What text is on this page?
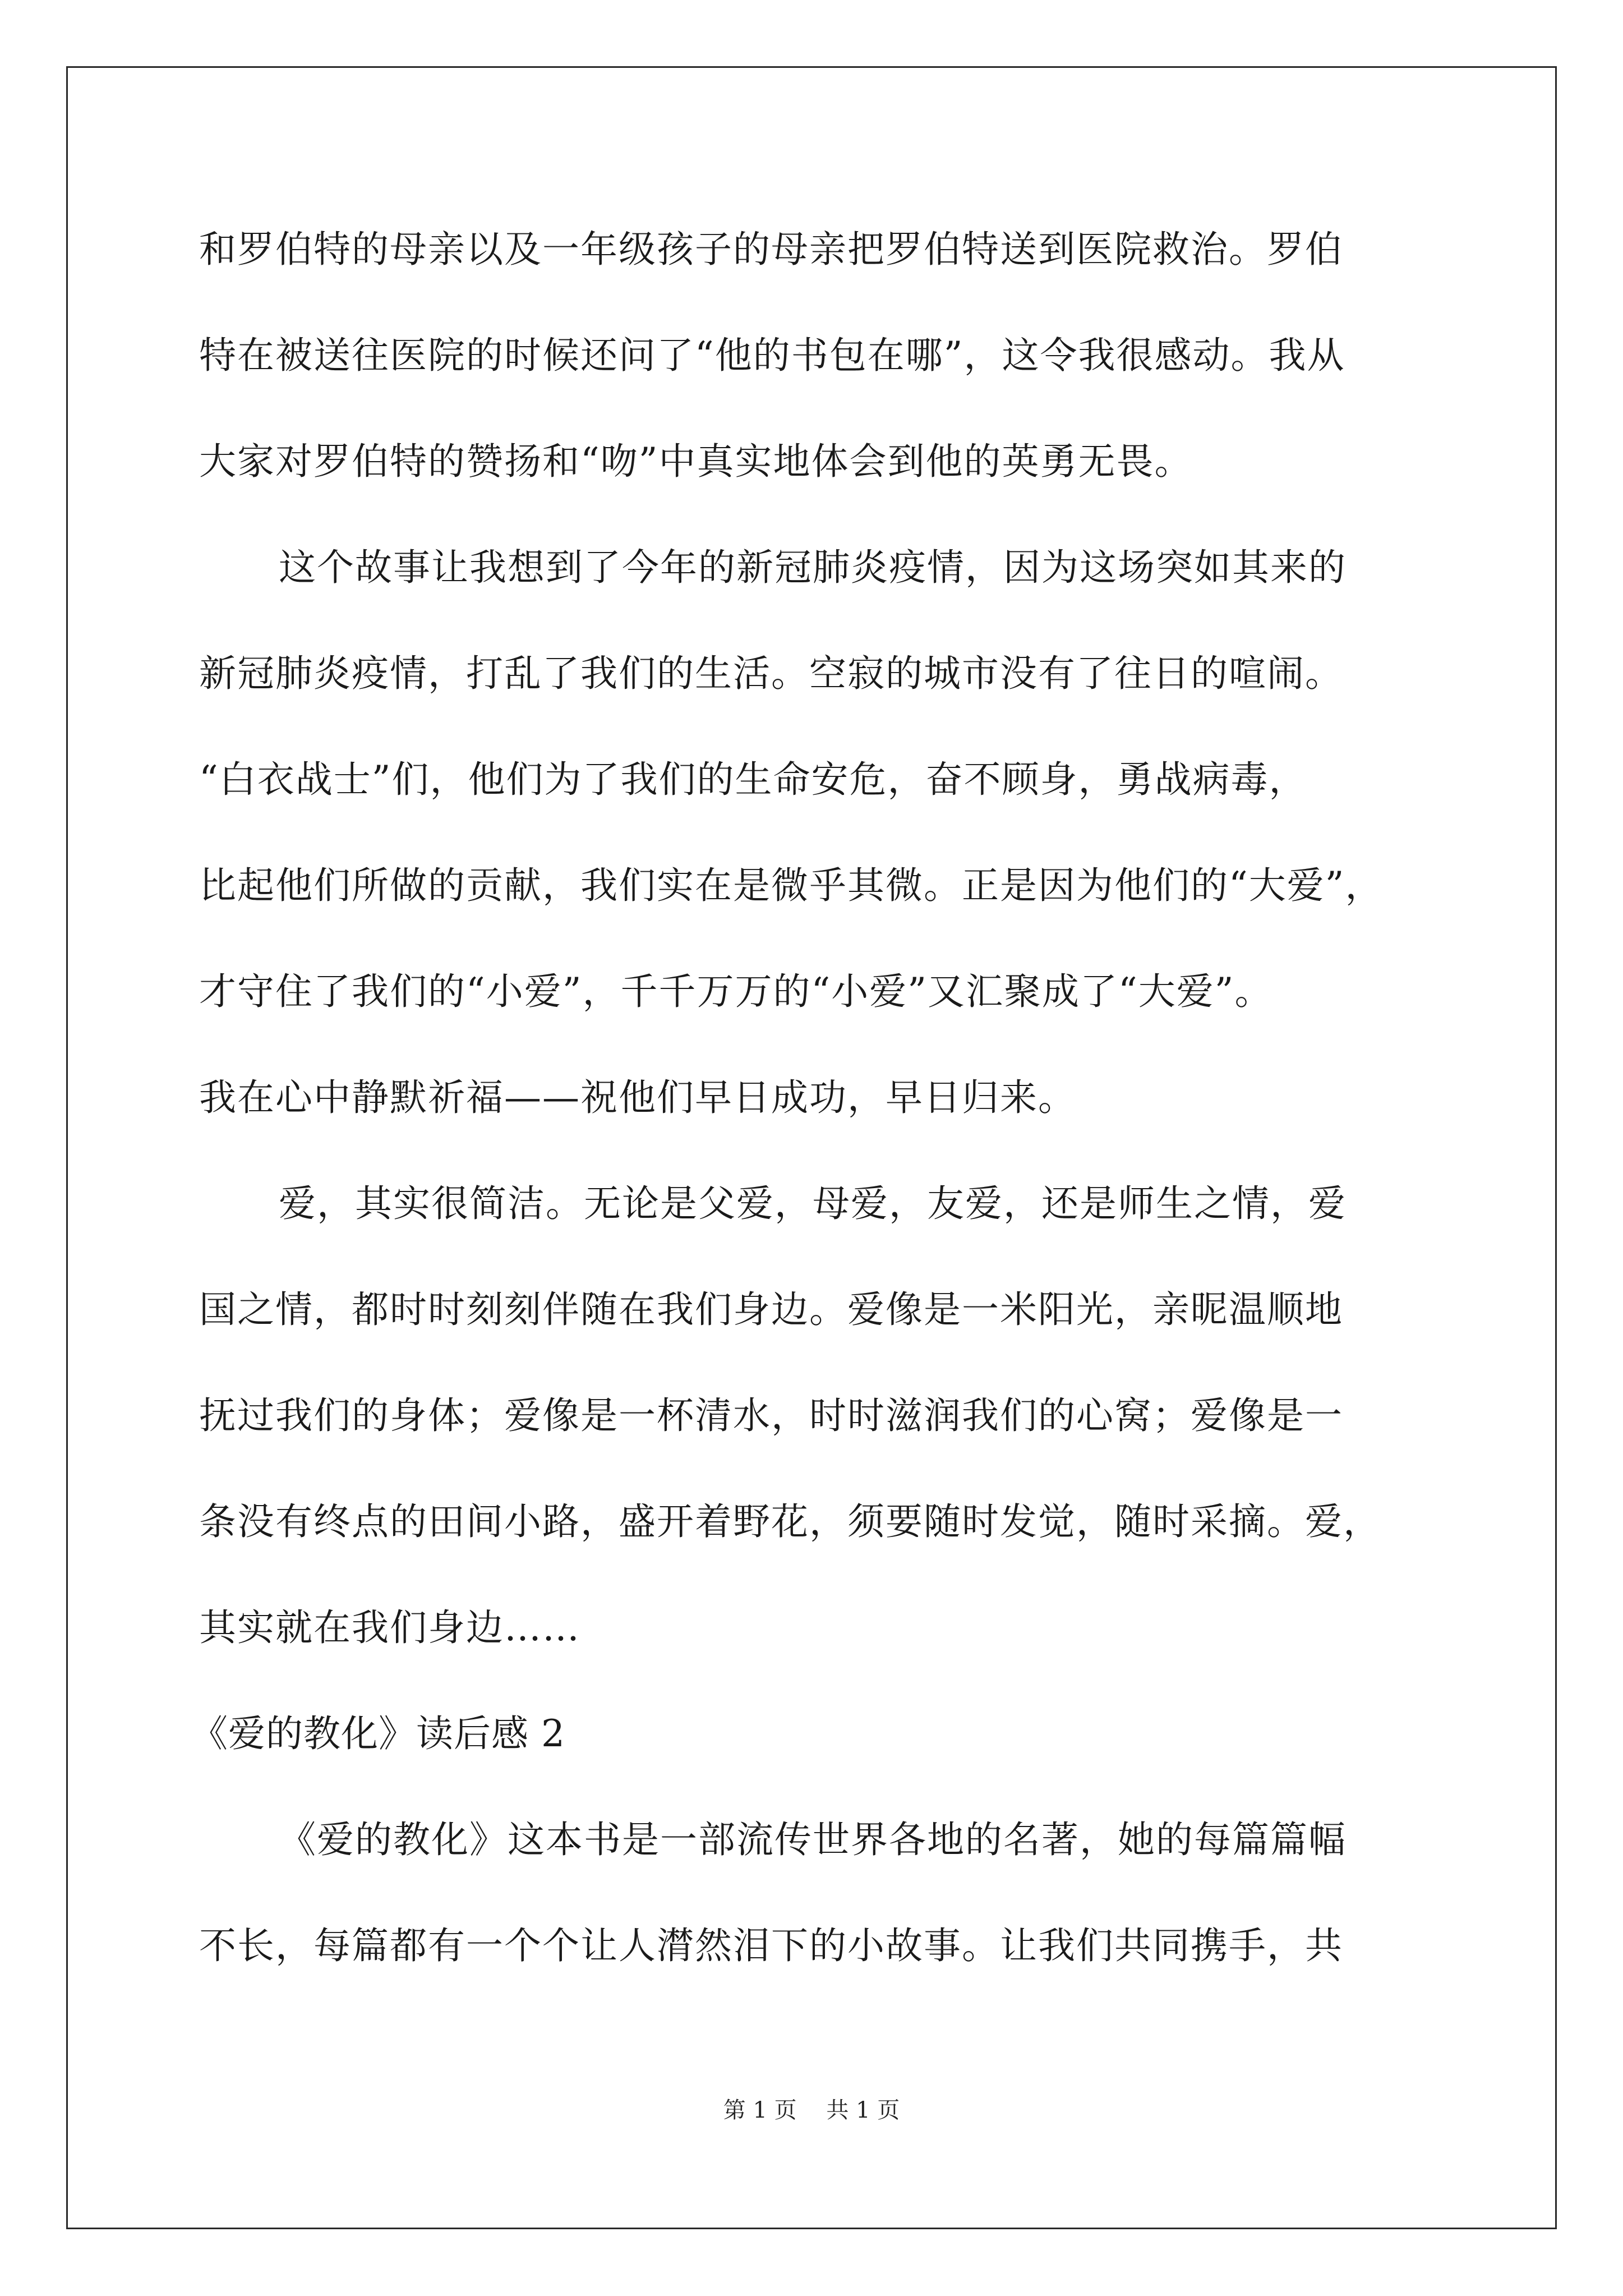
和罗伯特的母亲以及一年级孩子的母亲把罗伯特送到医院救治。罗伯
特在被送往医院的时候还问了“他的书包在哪”，这令我很感动。我从
大家对罗伯特的赞扬和“吻”中真实地体会到他的英勇无畏。
这个故事让我想到了今年的新冠肺炎疫情，因为这场突如其来的
新冠肺炎疫情，打乱了我们的生活。空寂的城市没有了往日的喧闹。
“白衣战士”们，他们为了我们的生命安危，奋不顾身，勇战病毒，
比起他们所做的贡献，我们实在是微乎其微。正是因为他们的“大爱”，
才守住了我们的“小爱”，千千万万的“小爱”又汇聚成了“大爱”。
我在心中静默祈福——祝他们早日成功，早日归来。
爱，其实很简洁。无论是父爱，母爱，友爱，还是师生之情，爱
国之情，都时时刻刻伴随在我们身边。爱像是一米阳光，亲昵温顺地
抚过我们的身体；爱像是一杯清水，时时滋润我们的心窝；爱像是一
条没有终点的田间小路，盛开着野花，须要随时发觉，随时采摘。爱，
其实就在我们身边……
《爱的教化》读后感 2
《爱的教化》这本书是一部流传世界各地的名著，她的每篇篇幅
不长，每篇都有一个个让人潸然泪下的小故事。让我们共同携手，共
第 1 页 共 1 页
